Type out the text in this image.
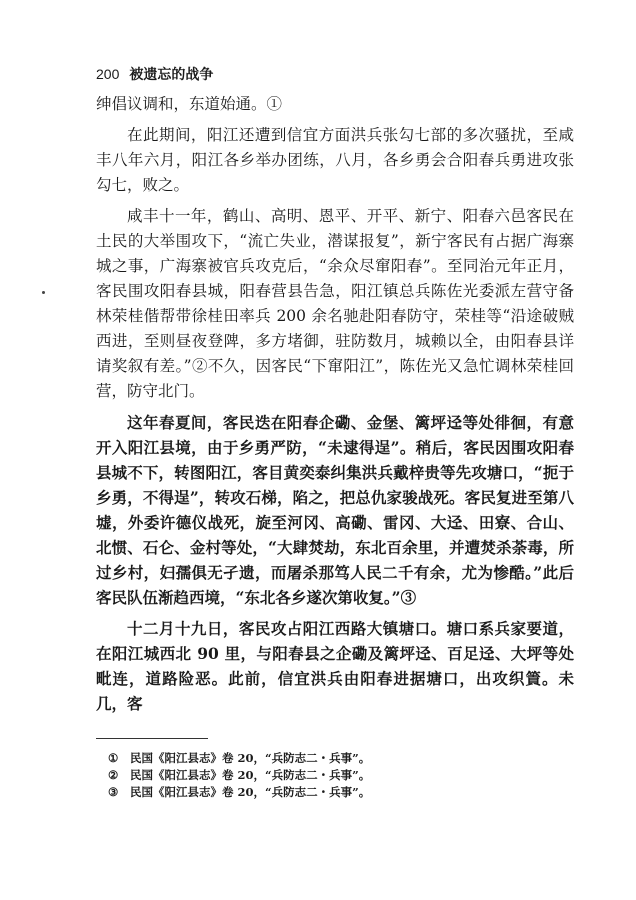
200 被遗忘的战争

绅倡议调和，东道始通。①

在此期间，阳江还遭到信宜方面洪兵张勾七部的多次骚扰，至咸丰八年六月，阳江各乡举办团练，八月，各乡勇会合阳春兵勇进攻张勾七，败之。

咸丰十一年，鹤山、高明、恩平、开平、新宁、阳春六邑客民在土民的大举围攻下，“流亡失业，潜谋报复”，新宁客民有占据广海寨城之事，广海寨被官兵攻克后，“余众尽窜阳春”。至同治元年正月，客民围攻阳春县城，阳春营县告急，阳江镇总兵陈佐光委派左营守备林荣桂偕帮带徐桂田率兵 200 余名驰赴阳春防守，荣桂等“沿途破贼西进，至则昼夜登陴，多方堵御，驻防数月，城赖以全，由阳春县详请奖叙有差。”②不久，因客民“下窜阳江”，陈佐光又急忙调林荣桂回营，防守北门。

这年春夏间，客民迭在阳春企磡、金堡、篱坪迳等处徘徊，有意开入阳江县境，由于乡勇严防，“未逮得逞”。稍后，客民因围攻阳春县城不下，转图阳江，客目黄奕泰纠集洪兵戴梓贵等先攻塘口，“扼于乡勇，不得逞”，转攻石梯，陷之，把总仇家骏战死。客民复进至第八墟，外委许德仪战死，旋至河冈、高磡、雷冈、大迳、田寮、合山、北惯、石仑、金村等处，“大肆焚劫，东北百余里，并遭焚杀荼毒，所过乡村，妇孺俱无孑遗，而屠杀那笃人民二千有余，尤为惨酷。”此后客民队伍渐趋西境，“东北各乡遂次第收复。”③

十二月十九日，客民攻占阳江西路大镇塘口。塘口系兵家要道，在阳江城西北 90 里，与阳春县之企磡及篱坪迳、百足迳、大坪等处毗连，道路险恶。此前，信宜洪兵由阳春进据塘口，出攻织篢。未几，客

① 民国《阳江县志》卷 20，“兵防志二・兵事”。
② 民国《阳江县志》卷 20，“兵防志二・兵事”。
③ 民国《阳江县志》卷 20，“兵防志二・兵事”。
